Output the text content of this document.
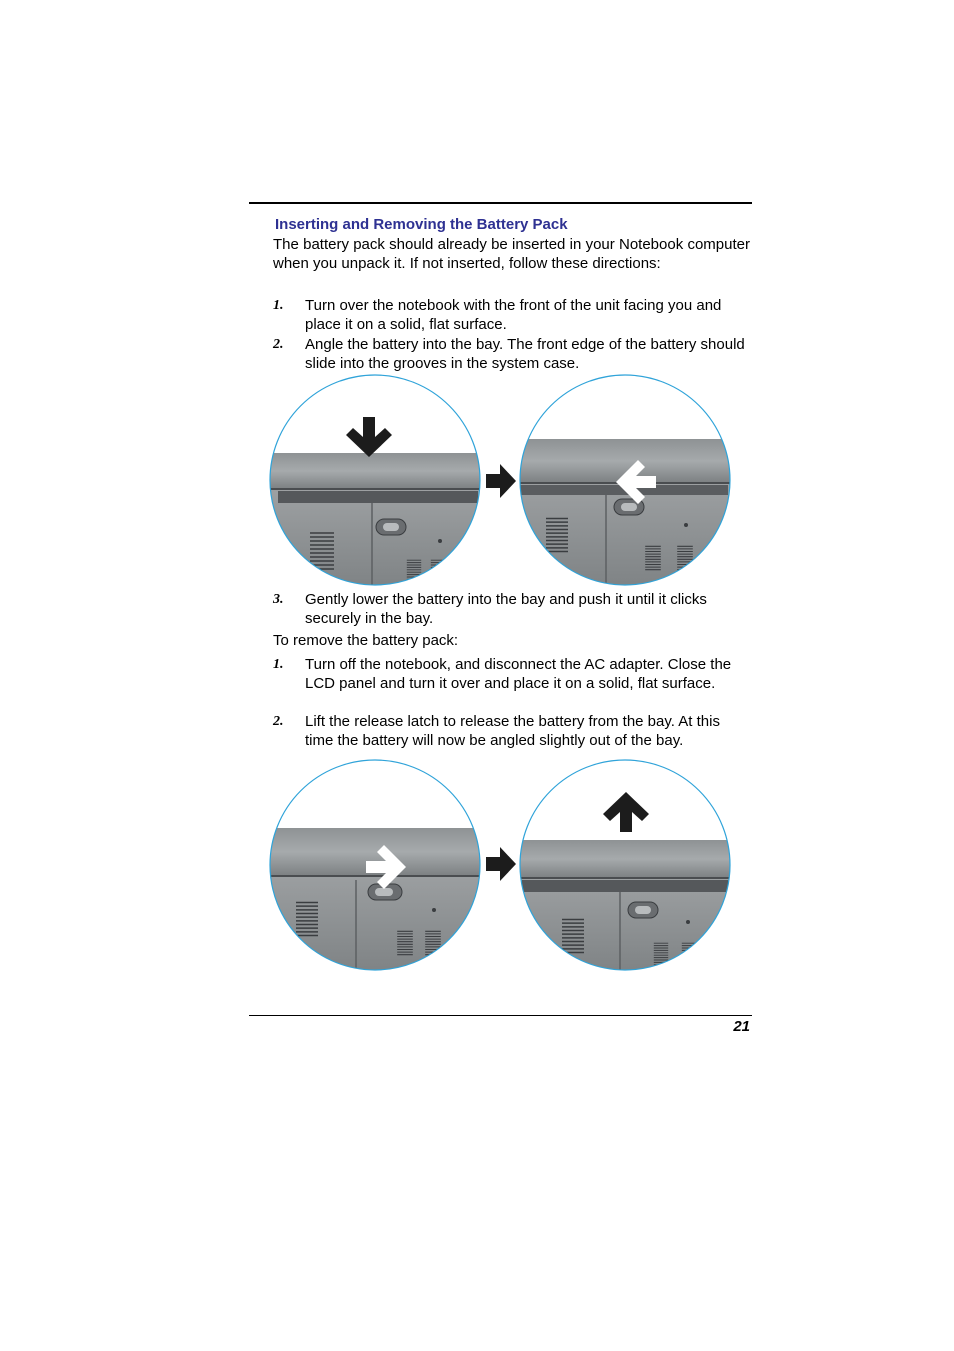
Inserting and Removing the Battery Pack
The battery pack should already be inserted in your Notebook computer when you unpack it. If not inserted, follow these directions:
1. Turn over the notebook with the front of the unit facing you and place it on a solid, flat surface.
2. Angle the battery into the bay. The front edge of the battery should slide into the grooves in the system case.
3. Gently lower the battery into the bay and push it until it clicks securely in the bay.
To remove the battery pack:
1. Turn off the notebook, and disconnect the AC adapter. Close the LCD panel and turn it over and place it on a solid, flat surface.
2. Lift the release latch to release the battery from the bay. At this time the battery will now be angled slightly out of the bay.
21
